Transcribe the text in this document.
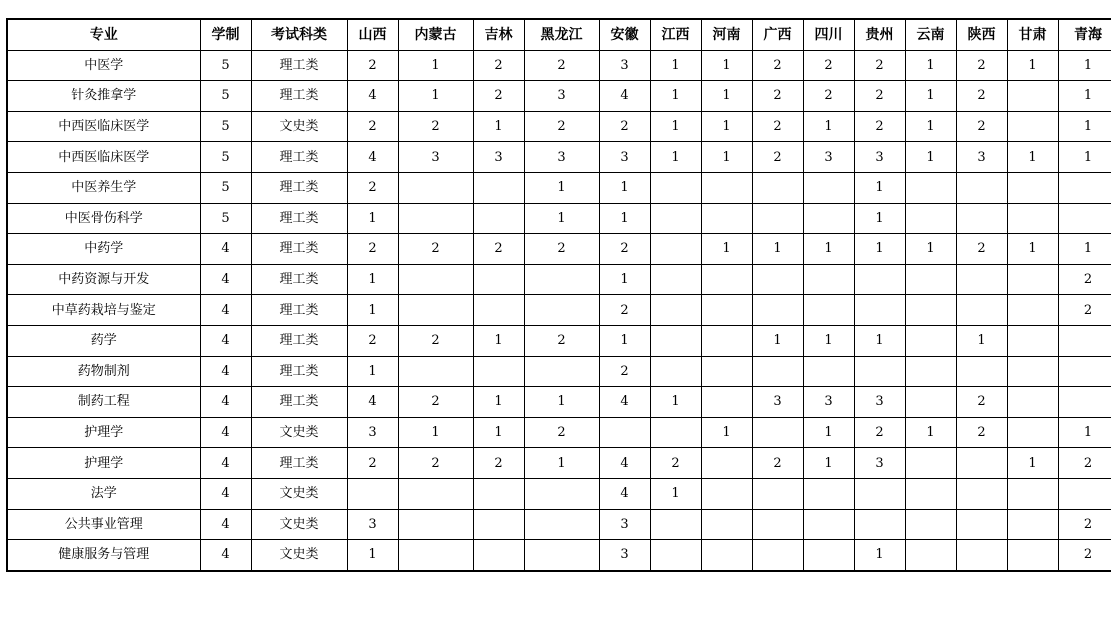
专业	学制	考试科类	山西	内蒙古	吉林	黑龙江	安徽	江西	河南	广西	四川	贵州	云南	陕西	甘肃	青海
中医学	5	理工类	2	1	2	2	3	1	1	2	2	2	1	2	1	1
针灸推拿学	5	理工类	4	1	2	3	4	1	1	2	2	2	1	2		1
中西医临床医学	5	文史类	2	2	1	2	2	1	1	2	1	2	1	2		1
中西医临床医学	5	理工类	4	3	3	3	3	1	1	2	3	3	1	3	1	1
中医养生学	5	理工类	2			1	1					1				
中医骨伤科学	5	理工类	1			1	1					1				
中药学	4	理工类	2	2	2	2	2		1	1	1	1	1	2	1	1
中药资源与开发	4	理工类	1				1									2
中草药栽培与鉴定	4	理工类	1				2									2
药学	4	理工类	2	2	1	2	1			1	1	1		1		
药物制剂	4	理工类	1				2									
制药工程	4	理工类	4	2	1	1	4	1		3	3	3		2		
护理学	4	文史类	3	1	1	2			1		1	2	1	2		1
护理学	4	理工类	2	2	2	1	4	2		2	1	3			1	2
法学	4	文史类					4	1								
公共事业管理	4	文史类	3				3									2
健康服务与管理	4	文史类	1				3					1				2
